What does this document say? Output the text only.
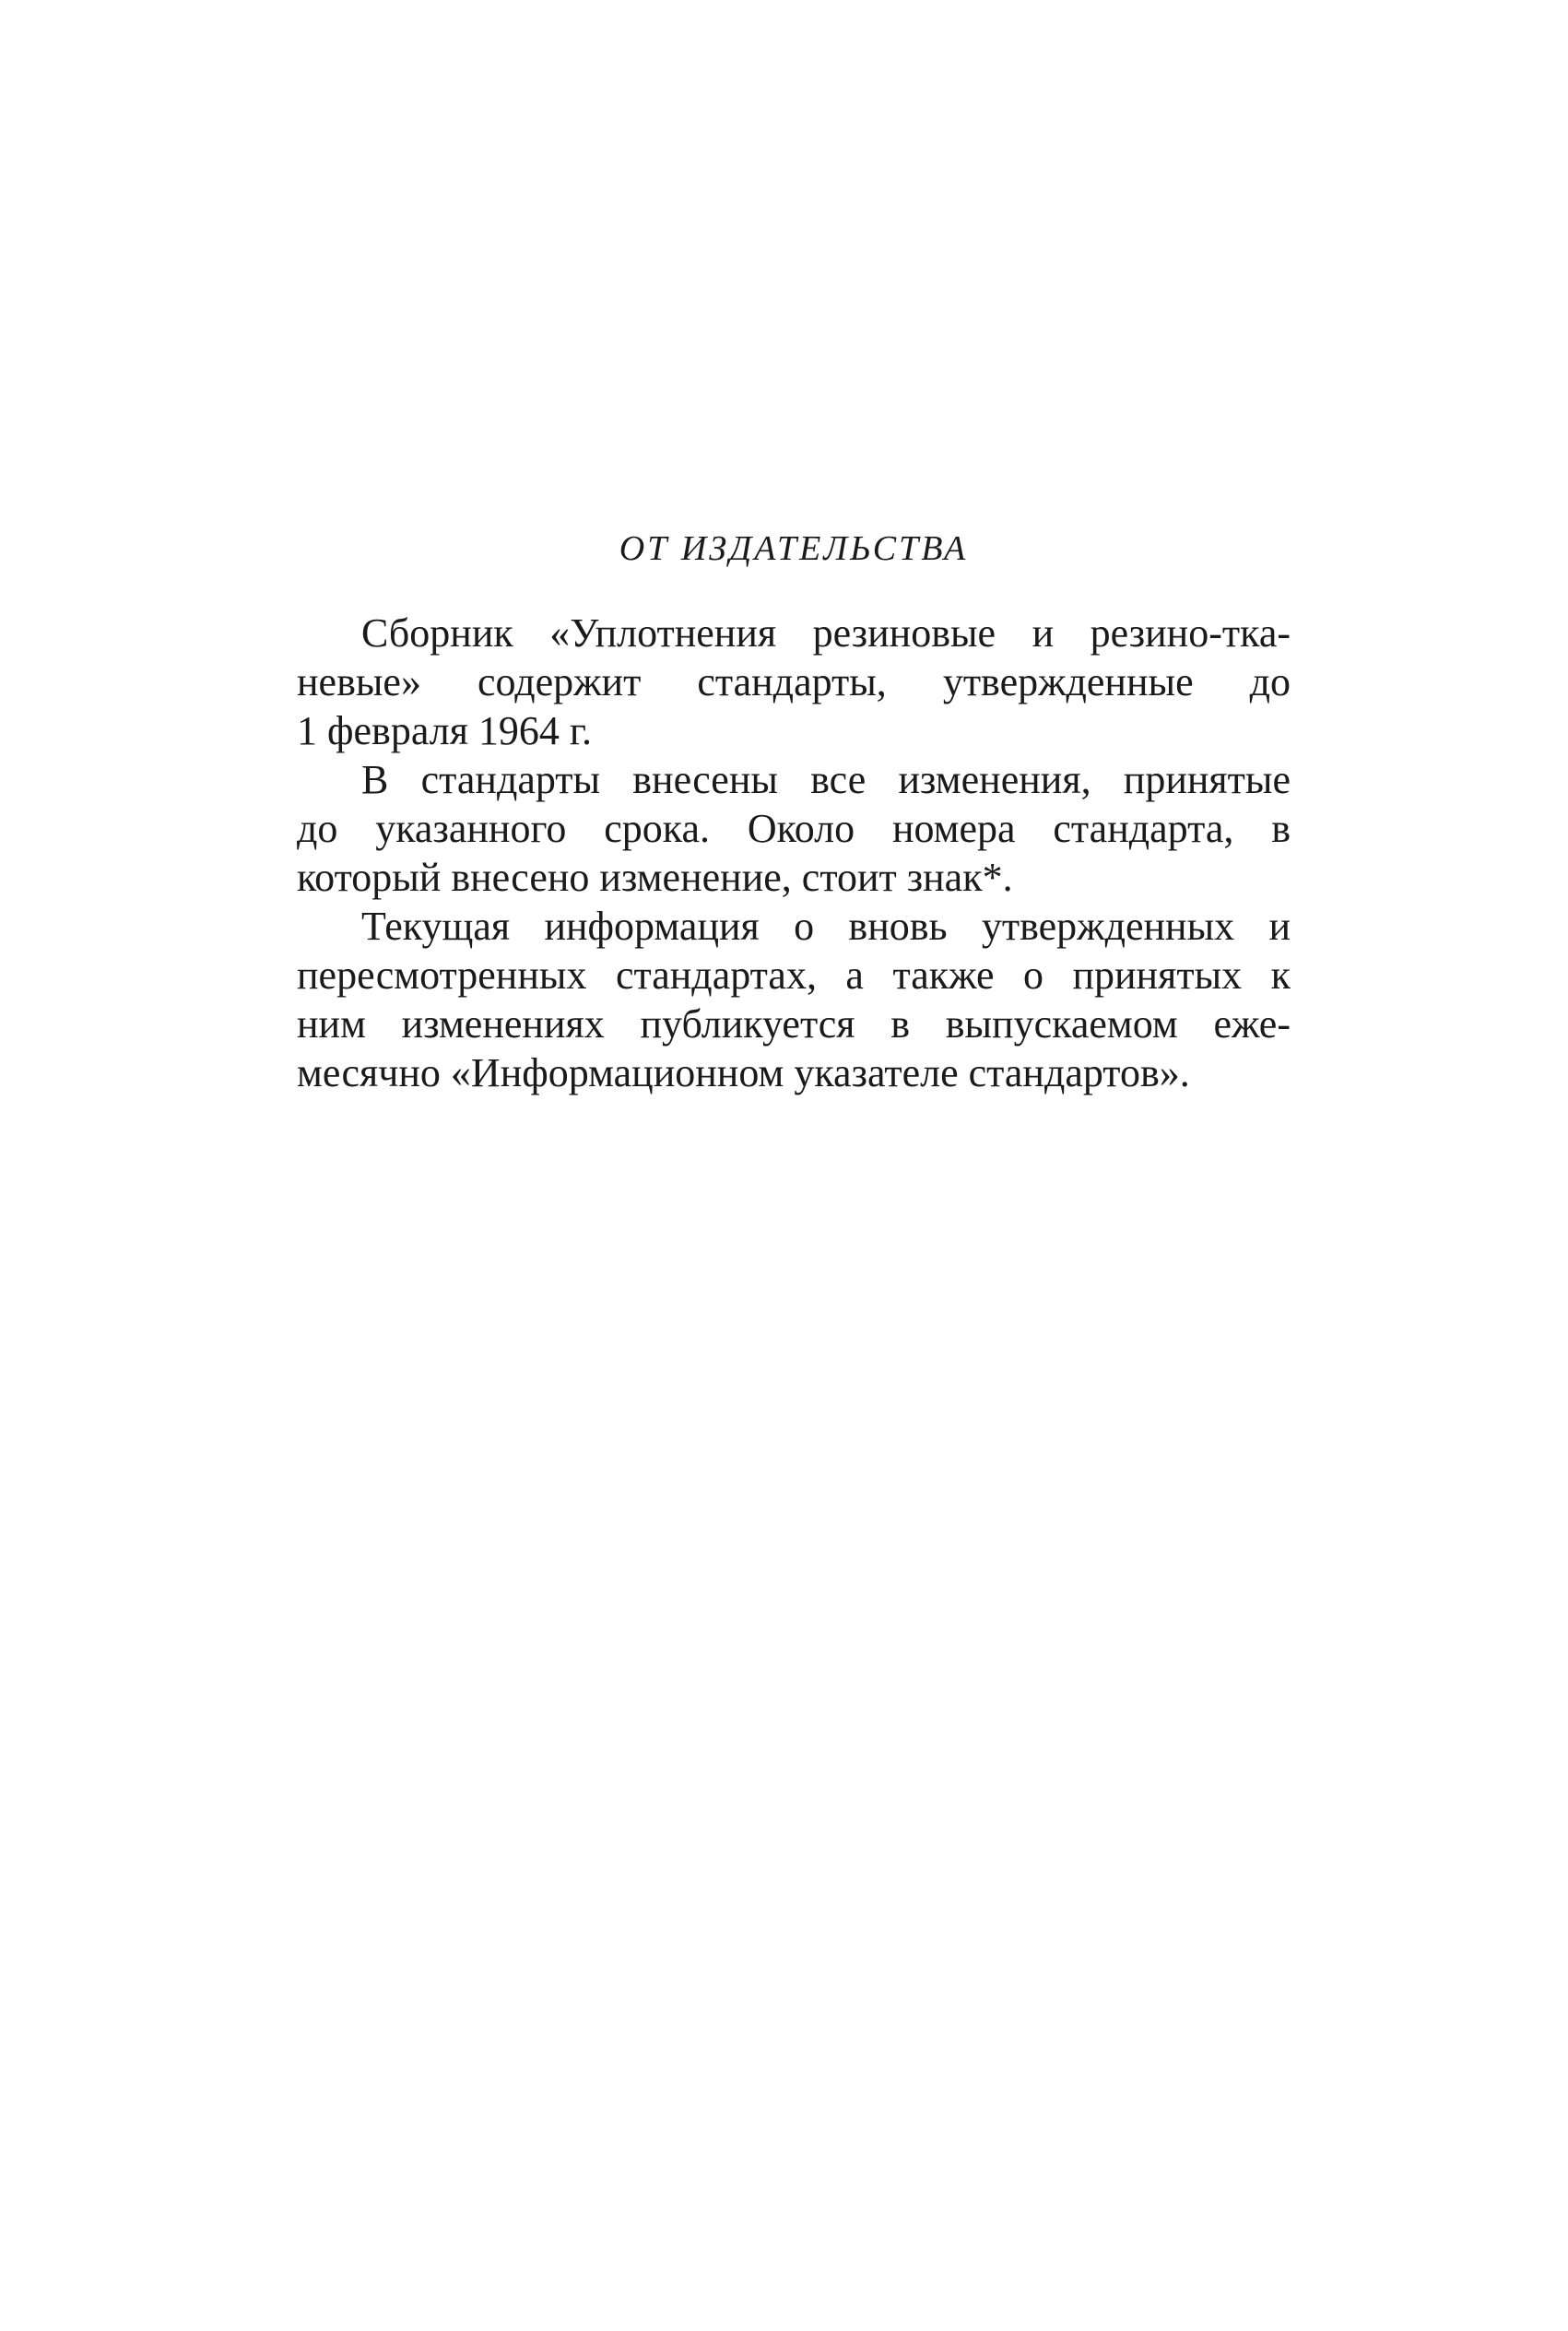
ОТ ИЗДАТЕЛЬСТВА

Сборник «Уплотнения резиновые и резино-тка-
невые» содержит стандарты, утвержденные до
1 февраля 1964 г.

В стандарты внесены все изменения, принятые
до указанного срока. Около номера стандарта, в
который внесено изменение, стоит знак*.

Текущая информация о вновь утвержденных и
пересмотренных стандартах, а также о принятых к
ним изменениях публикуется в выпускаемом еже-
месячно «Информационном указателе стандартов».
